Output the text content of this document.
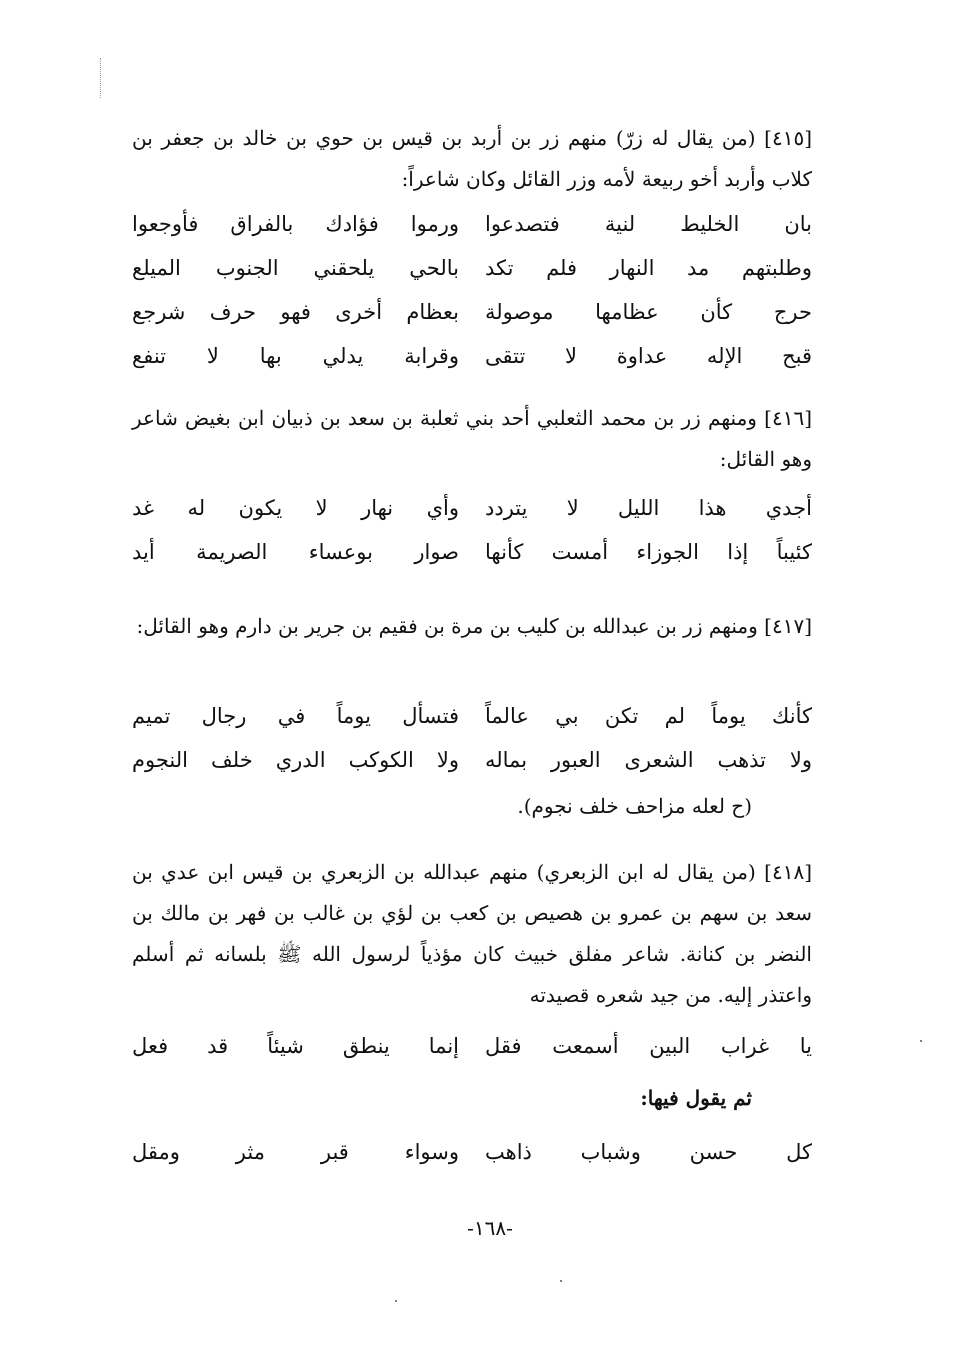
[٤١٥] (من يقال له زرّ) منهم زر بن أربد بن قيس بن حوي بن خالد بن جعفر بن كلاب وأربد أخو ربيعة لأمه وزر القائل وكان شاعراً:

بان
الخليط
لنية
فتصدعوا
ورموا
فؤادك
بالفراق
فأوجعوا
وطلبتهم
مد
النهار
فلم
تكد
بالحي
يلحقني
الجنوب
الميلع
حرج
كأن
عظامها
موصولة
بعظام
أخرى
فهو
حرف
شرجع
قبح
الإله
عداوة
لا
تتقى
وقرابة
يدلي
بها
لا
تنفع

[٤١٦] ومنهم زر بن محمد الثعلبي أحد بني ثعلبة بن سعد بن ذبيان ابن بغيض شاعر وهو القائل:

أجدي
هذا
الليل
لا
يتردد
وأي
نهار
لا
يكون
له
غد
كئيباً
إذا
الجوزاء
أمست
كأنها
صوار
بوعساء
الصريمة
أيد

[٤١٧] ومنهم زر بن عبدالله بن كليب بن مرة بن فقيم بن جرير بن دارم وهو القائل:

كأنك
يوماً
لم
تكن
بي
عالماً
فتسأل
يوماً
في
رجال
تميم
ولا
تذهب
الشعرى
العبور
بماله
ولا
الكوكب
الدري
خلف
النجوم

(ح لعله مزاحف خلف نجوم).

[٤١٨] (من يقال له ابن الزبعري) منهم عبدالله بن الزبعري بن قيس ابن عدي بن سعد بن سهم بن عمرو بن هصيص بن كعب بن لؤي بن غالب بن فهر بن مالك بن النضر بن كنانة. شاعر مفلق خبيث كان مؤذياً لرسول الله ﷺ بلسانه ثم أسلم واعتذر إليه. من جيد شعره قصيدته

يا
غراب
البين
أسمعت
فقل
إنما
ينطق
شيئاً
قد
فعل

ثم يقول فيها:

كل
حسن
وشباب
ذاهب
وسواء
قبر
مثر
ومقل
-١٦٨-
